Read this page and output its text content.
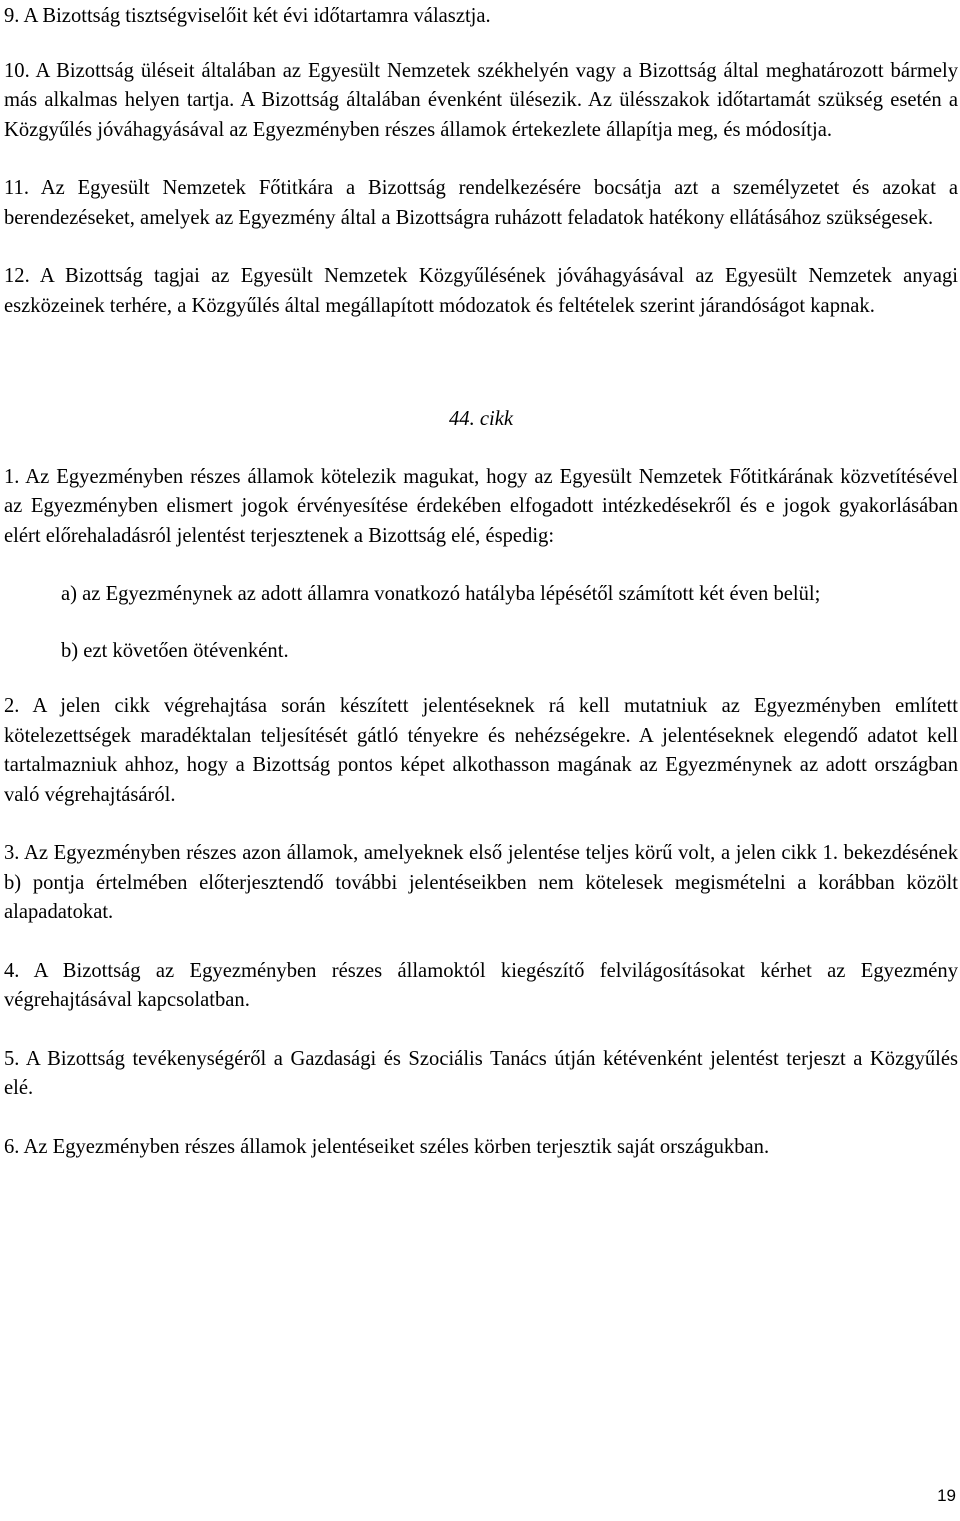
9. A Bizottság tisztségviselőit két évi időtartamra választja.

10. A Bizottság üléseit általában az Egyesült Nemzetek székhelyén vagy a Bizottság által meghatározott bármely más alkalmas helyen tartja. A Bizottság általában évenként ülésezik. Az ülésszakok időtartamát szükség esetén a Közgyűlés jóváhagyásával az Egyezményben részes államok értekezlete állapítja meg, és módosítja.

11. Az Egyesült Nemzetek Főtitkára a Bizottság rendelkezésére bocsátja azt a személyzetet és azokat a berendezéseket, amelyek az Egyezmény által a Bizottságra ruházott feladatok hatékony ellátásához szükségesek.

12. A Bizottság tagjai az Egyesült Nemzetek Közgyűlésének jóváhagyásával az Egyesült Nemzetek anyagi eszközeinek terhére, a Közgyűlés által megállapított módozatok és feltételek szerint járandóságot kapnak.

44. cikk

1. Az Egyezményben részes államok kötelezik magukat, hogy az Egyesült Nemzetek Főtitkárának közvetítésével az Egyezményben elismert jogok érvényesítése érdekében elfogadott intézkedésekről és e jogok gyakorlásában elért előrehaladásról jelentést terjesztenek a Bizottság elé, éspedig:

a) az Egyezménynek az adott államra vonatkozó hatályba lépésétől számított két éven belül;

b) ezt követően ötévenként.

2. A jelen cikk végrehajtása során készített jelentéseknek rá kell mutatniuk az Egyezményben említett kötelezettségek maradéktalan teljesítését gátló tényekre és nehézségekre. A jelentéseknek elegendő adatot kell tartalmazniuk ahhoz, hogy a Bizottság pontos képet alkothasson magának az Egyezménynek az adott országban való végrehajtásáról.

3. Az Egyezményben részes azon államok, amelyeknek első jelentése teljes körű volt, a jelen cikk 1. bekezdésének b) pontja értelmében előterjesztendő további jelentéseikben nem kötelesek megismételni a korábban közölt alapadatokat.

4. A Bizottság az Egyezményben részes államoktól kiegészítő felvilágosításokat kérhet az Egyezmény végrehajtásával kapcsolatban.

5. A Bizottság tevékenységéről a Gazdasági és Szociális Tanács útján kétévenként jelentést terjeszt a Közgyűlés elé.

6. Az Egyezményben részes államok jelentéseiket széles körben terjesztik saját országukban.

19
